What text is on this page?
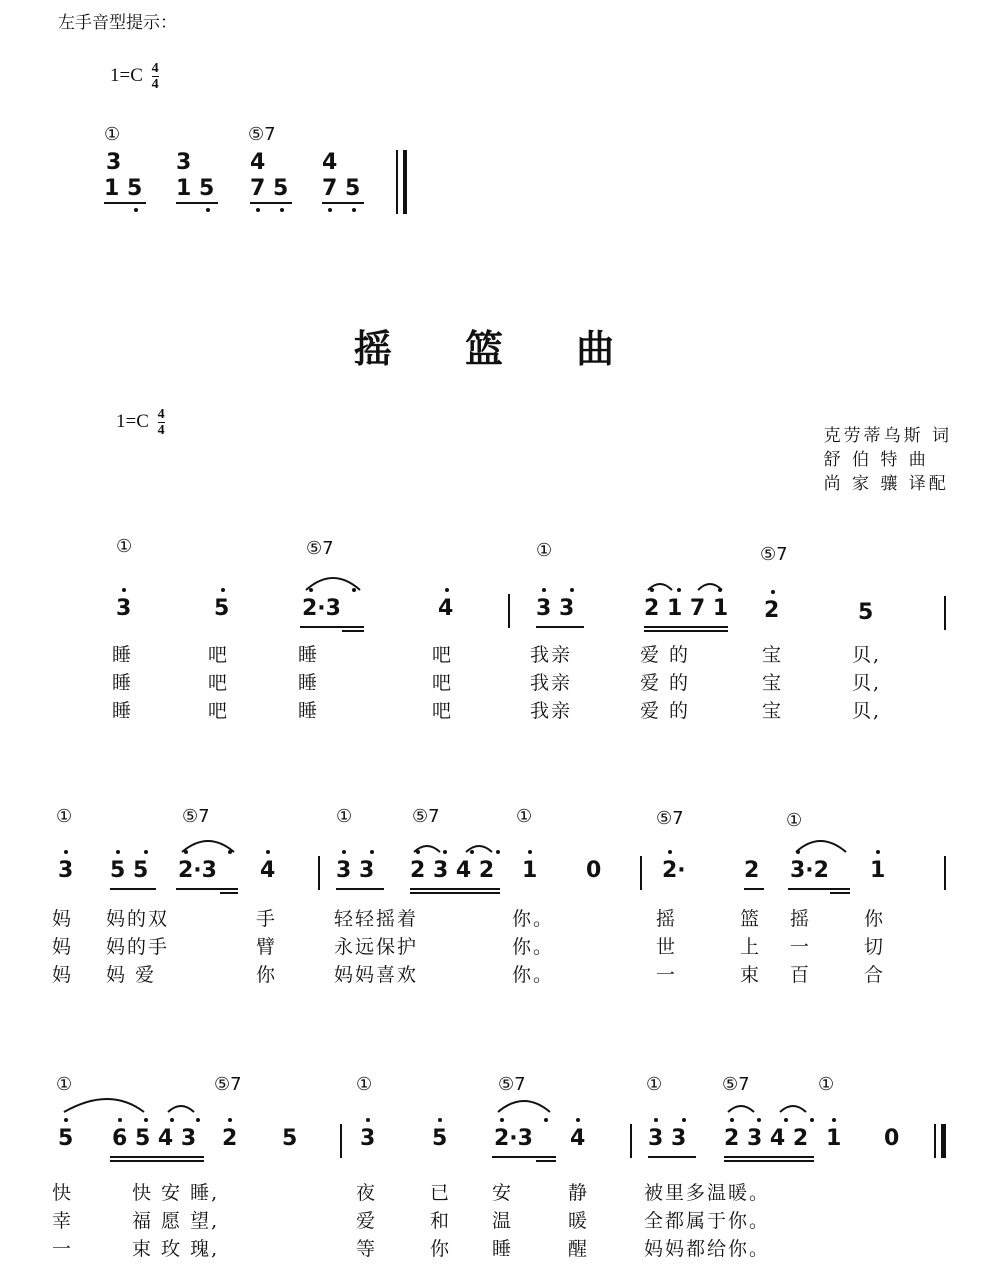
左手音型提示：
$1=C \frac{4}{4}$
①	⑤7
3 3	4	4
1 5 1 5 7 5 7 5
摇 篮 曲
$1=C \frac{4}{4}$	克劳蒂乌斯 词
舒 伯 特 曲
尚 家 骧 译配
①	⑤7	①	⑤7
3	5	2·3	4	3 3	2 1 7 1 2	5
睡	吧	睡	吧	我亲	爱 的	宝	贝,
睡	吧	睡	吧	我亲	爱 的	宝	贝,
睡	吧	睡	吧	我亲	爱 的	宝	贝,
①	⑤7	①	⑤7	①	⑤7	①
3 5 5 2·3 4	3 3 2 3 4 2 1 0	2·	2 3·2 1
妈 妈的双	手	轻轻摇着	你。	摇	篮 摇	你
妈 妈的手	臂	永远保护	你。	世	上 一	切
妈 妈 爱	你	妈妈喜欢	你。	一	束 百	合
①	⑤7	①	⑤7	①	⑤7	①
5 6 5 4 3 2 5	3	5 2·3 4	3 3 2 3 4 2 1 0
快	快 安 睡,	夜	已 安	静	被里多温暖。
幸	福 愿 望,	爱	和 温	暖	全都属于你。
一	束 玫 瑰,	等	你 睡	醒	妈妈都给你。
